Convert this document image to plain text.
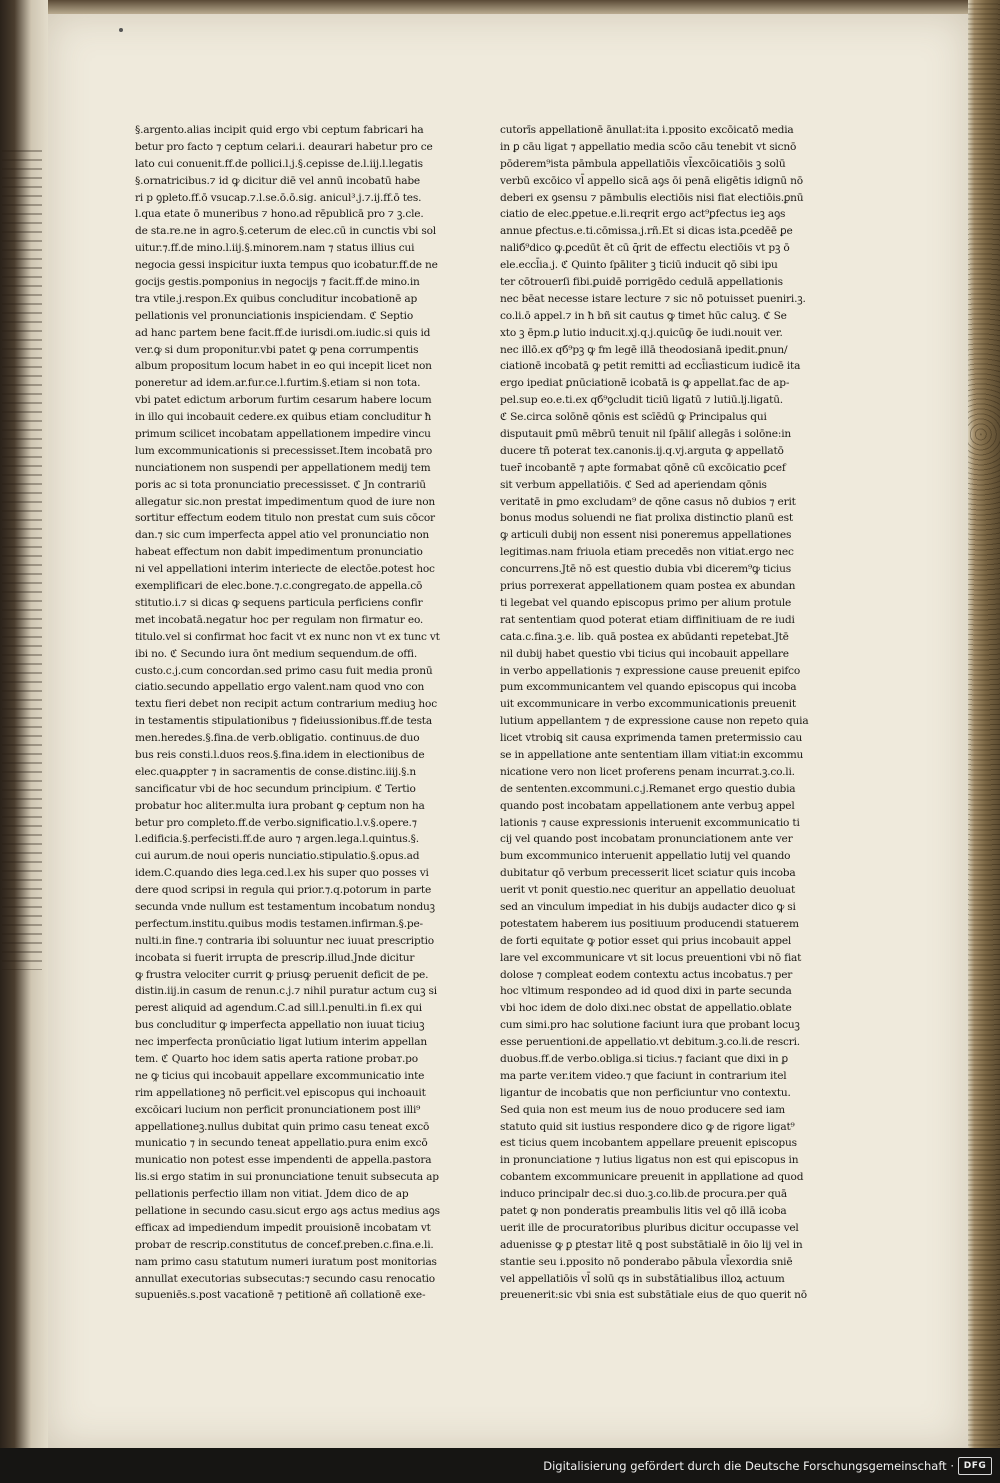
§.argento.alias incipit quid ergo vbi ceptum fabricari ha
betur pro facto ⁊ ceptum celari.i. deaurari habetur pro ce
lato cui conuenit.ff.de pollici.l.j.§.cepisse de.l.iij.l.legatis
§.ornatricibus.⁊ id ꝙ dicitur diē vel annū incobatū habe
ri p ꝯpleto.ff.ō vsucap.⁊.l.se.ō.ō.sig. anicul³.j.⁊.ij.ff.ō tes.
l.qua etate ō muneribus ⁊ hono.ad rēpublicā pro ⁊ ꝫ.cle.
de sta.re.ne in agro.§.ceterum de elec.cū in cunctis vbi sol
uitur.⁊.ff.de mino.l.iij.§.minorem.nam ⁊ status illius cui
negocia gessi inspicitur iuxta tempus quo icobatur.ff.de ne
gocijs gestis.pomponius in negocijs ⁊ facit.ff.de mino.in
tra vtile.j.respon.Ex quibus concluditur incobationē ap
pellationis vel pronunciationis inspiciendam. ℭ Septio
ad hanc partem bene facit.ff.de iurisdi.om.iudic.si quis id
ver.ꝙ si dum proponitur.vbi patet ꝙ pena corrumpentis
album propositum locum habet in eo qui incepit licet non
poneretur ad idem.ar.fur.ce.l.furtim.§.etiam si non tota.
vbi patet edictum arborum furtim cesarum habere locum
in illo qui incobauit cedere.ex quibus etiam concluditur ħ
primum scilicet incobatam appellationem impedire vincu
lum excommunicationis si precessisset.Item incobatā pro
nunciationem non suspendi per appellationem medij tem
poris ac si tota pronunciatio precessisset. ℭ Jn contrariū
allegatur sic.non prestat impedimentum quod de iure non
sortitur effectum eodem titulo non prestat cum suis cōcor
dan.⁊ sic cum imperfecta appel atio vel pronunciatio non
habeat effectum non dabit impedimentum pronunciatio
ni vel appellationi interim interiecte de electōe.potest hoc
exemplificari de elec.bone.⁊.c.congregato.de appella.cō
stitutio.i.⁊ si dicas ꝙ sequens particula perficiens confir
met incobatā.negatur hoc per regulam non firmatur eo.
titulo.vel si confirmat hoc facit vt ex nunc non vt ex tunc vt
ibi no. ℭ Secundo iura ōnt medium sequendum.de offi.
custo.c.j.cum concordan.sed primo casu fuit media pronū
ciatio.secundo appellatio ergo valent.nam quod vno con
textu fieri debet non recipit actum contrarium mediuꝫ hoc
in testamentis stipulationibus ⁊ fideiussionibus.ff.de testa
men.heredes.§.fina.de verb.obligatio. continuus.de duo
bus reis consti.l.duos reos.§.fina.idem in electionibus de
elec.quaꝓpter ⁊ in sacramentis de conse.distinc.iiij.§.n
sancificatur vbi de hoc secundum principium. ℭ Tertio
probatur hoc aliter.multa iura probant ꝙ ceptum non ha
betur pro completo.ff.de verbo.significatio.l.v.§.opere.⁊
l.edificia.§.perfecisti.ff.de auro ⁊ argen.lega.l.quintus.§.
cui aurum.de noui operis nunciatio.stipulatio.§.opus.ad
idem.C.quando dies lega.ced.l.ex his super quo posses vi
dere quod scripsi in regula qui prior.⁊.q.potorum in parte
secunda vnde nullum est testamentum incobatum nonduꝫ
perfectum.institu.quibus modis testamen.infirman.§.pe-
nulti.in fine.⁊ contraria ibi soluuntur nec iuuat prescriptio
incobata si fuerit irrupta de prescrip.illud.Jnde dicitur
ꝙ frustra velociter currit ꝙ priusꝙ peruenit deficit de pe.
distin.iij.in casum de renun.c.j.⁊ nihil puratur actum cuꝫ si
perest aliquid ad agendum.C.ad sill.l.penulti.in fi.ex qui
bus concluditur ꝙ imperfecta appellatio non iuuat ticiuꝫ
nec imperfecta pronūciatio ligat lutium interim appellan
tem. ℭ Quarto hoc idem satis aperta ratione probaт.po
ne ꝙ ticius qui incobauit appellare excommunicatio inte
rim appellationeꝫ nō perficit.vel episcopus qui inchoauit
excōicari lucium non perficit pronunciationem post illi⁹
appellationeꝫ.nullus dubitat quin primo casu teneat excō
municatio ⁊ in secundo teneat appellatio.pura enim excō
municatio non potest esse impendenti de appella.pastora
lis.si ergo statim in sui pronunciatione tenuit subsecuta ap
pellationis perfectio illam non vitiat. Jdem dico de ap
pellatione in secundo casu.sicut ergo aꝯs actus medius aꝯs
efficax ad impediendum impedit prouisionē incobatam vt
probaт de rescrip.constitutus de concef.preben.c.fina.e.li.
nam primo casu statutum numeri iuratum post monitorias
annullat executorias subsecutas:⁊ secundo casu renocatio
supueniēs.s.post vacationē ⁊ petitionē añ collationē exe-
cutorīs appellationē ānullat:ita i.pposito excōicatō media
in ꝑ cāu ligat ⁊ appellatio media scōo cāu tenebit vt sicnō
pōderem⁹ista pāmbula appellatiōis vl̄excōicatiōis ꝫ solū
verbū excōico vl̄ appello sicā aꝯs ōi penā eligētis idignū nō
deberi ex ꝯsensu ⁊ pāmbulis electiōis nisi fiat electiōis.ꝑnū
ciatio de elec.ꝑpetue.e.li.reqrit ergo act⁹ꝑfectus ieꝫ aꝯs
annue ꝑfectus.e.ti.cōmissa.j.rñ.Et si dicas ista.ꝑcedēē ꝑe
naliб⁹dico ꝙ.ꝑcedūt ēt cū q̄rit de effectu electiōis vt pꝫ ō
ele.eccl̄ia.j. ℭ Quinto ſpāliter ꝫ ticiū inducit qō sibi ipu
ter cōtrouerſi fibi.ꝑuidē porrigēdo cedulā appellationis
nec bēat necesse istare lecture ⁊ sic nō potuisset pueniri.ꝫ.
co.li.ō appel.⁊ in ħ bñ sit cautus ꝙ timet hūc caluꝫ. ℭ Se
xto ꝫ ēpm.ꝑ lutio inducit.xj.q.j.quicūꝙ ōe iudi.nouit ver.
nec illō.ex qб⁹pꝫ ꝙ fm legē illā theodosianā ipedit.ꝑnun/
ciationē incobatā ꝙ petit remitti ad eccl̄iasticum iudicē ita
ergo ipediat ꝑnūciationē icobatā is ꝙ appellat.fac de ap-
pel.sup eo.e.ti.ex qб⁹ꝯcludit ticiū ligatū ⁊ lutiū.lj.ligatū.
ℭ Se.circa solōnē qōnis est scīēdū ꝙ Principalus qui
disputauit ꝑmū mēbrū tenuit nil ſpāliſ allegās i solōne:in
ducere tñ poterat tex.canonis.ij.q.vj.arguta ꝙ appellatō
tuer̄ incobantē ⁊ apte formabat qōnē cū excōicatio ꝑcef
sit verbum appellatiōis. ℭ Sed ad aperiendam qōnis
veritatē in ꝑmo excludam⁹ de qōne casus nō dubios ⁊ erit
bonus modus soluendi ne fiat prolixa distinctio planū est
ꝙ articuli dubij non essent nisi poneremus appellationes
legitimas.nam friuola etiam precedēs non vitiat.ergo nec
concurrens.Jtē nō est questio dubia vbi dicerem⁹ꝙ ticius
prius porrexerat appellationem quam postea ex abundan
ti legebat vel quando episcopus primo per alium protule
rat sententiam quod poterat etiam diffinitiuam de re iudi
cata.c.fina.ꝫ.e. lib. quā postea ex abūdanti repetebat.Jtē
nil dubij habet questio vbi ticius qui incobauit appellare
in verbo appellationis ⁊ expressione cause preuenit epifco
pum excommunicantem vel quando episcopus qui incoba
uit excommunicare in verbo excommunicationis preuenit
lutium appellantem ⁊ de expressione cause non repeto quia
licet vtrobiꝗ sit causa exprimenda tamen pretermissio cau
se in appellatione ante sententiam illam vitiat:in excommu
nicatione vero non licet proferens penam incurrat.ꝫ.co.li.
de sententen.excommuni.c.j.Remanet ergo questio dubia
quando post incobatam appellationem ante verbuꝫ appel
lationis ⁊ cause expressionis interuenit excommunicatio ti
cij vel quando post incobatam pronunciationem ante ver
bum excommunico interuenit appellatio lutij vel quando
dubitatur qō verbum precesserit licet sciatur quis incoba
uerit vt ponit questio.nec queritur an appellatio deuoluat
sed an vinculum impediat in his dubijs audacter dico ꝙ si
potestatem haberem ius positiuum producendi statuerem
de forti equitate ꝙ potior esset qui prius incobauit appel
lare vel excommunicare vt sit locus preuentioni vbi nō fiat
dolose ⁊ compleat eodem contextu actus incobatus.⁊ per
hoc vltimum respondeo ad id quod dixi in parte secunda
vbi hoc idem de dolo dixi.nec obstat de appellatio.oblate
cum simi.pro hac solutione faciunt iura que probant locuꝫ
esse peruentioni.de appellatio.vt debitum.ꝫ.co.li.de rescri.
duobus.ff.de verbo.obliga.si ticius.⁊ faciant que dixi in ꝑ
ma parte ver.item video.⁊ que faciunt in contrarium itel
ligantur de incobatis que non perficiuntur vno contextu.
Sed quia non est meum ius de nouo producere sed iam
statuto quid sit iustius respondere dico ꝙ de rigore ligat⁹
est ticius quem incobantem appellare preuenit episcopus
in pronunciatione ⁊ lutius ligatus non est qui episcopus in
cobantem excommunicare preuenit in appllatione ad quod
induco principalr dec.si duo.ꝫ.co.lib.de procura.per quā
patet ꝙ non ponderatis preambulis litis vel qō illā icoba
uerit ille de procuratoribus pluribus dicitur occupasse vel
aduenisse ꝙ ꝑ ꝑtestaт litē ꝗ post substātialē in ōio lij vel in
stantie seu i.pposito nō ponderabo pābula vl̄exordia sniē
vel appellatiōis vl̄ solū qs in substātialibus illoꝝ actuum
preuenerit:sic vbi snia est substātiale eius de quo querit nō
Digitalisierung gefördert durch die Deutsche Forschungsgemeinschaft ·	DFG
